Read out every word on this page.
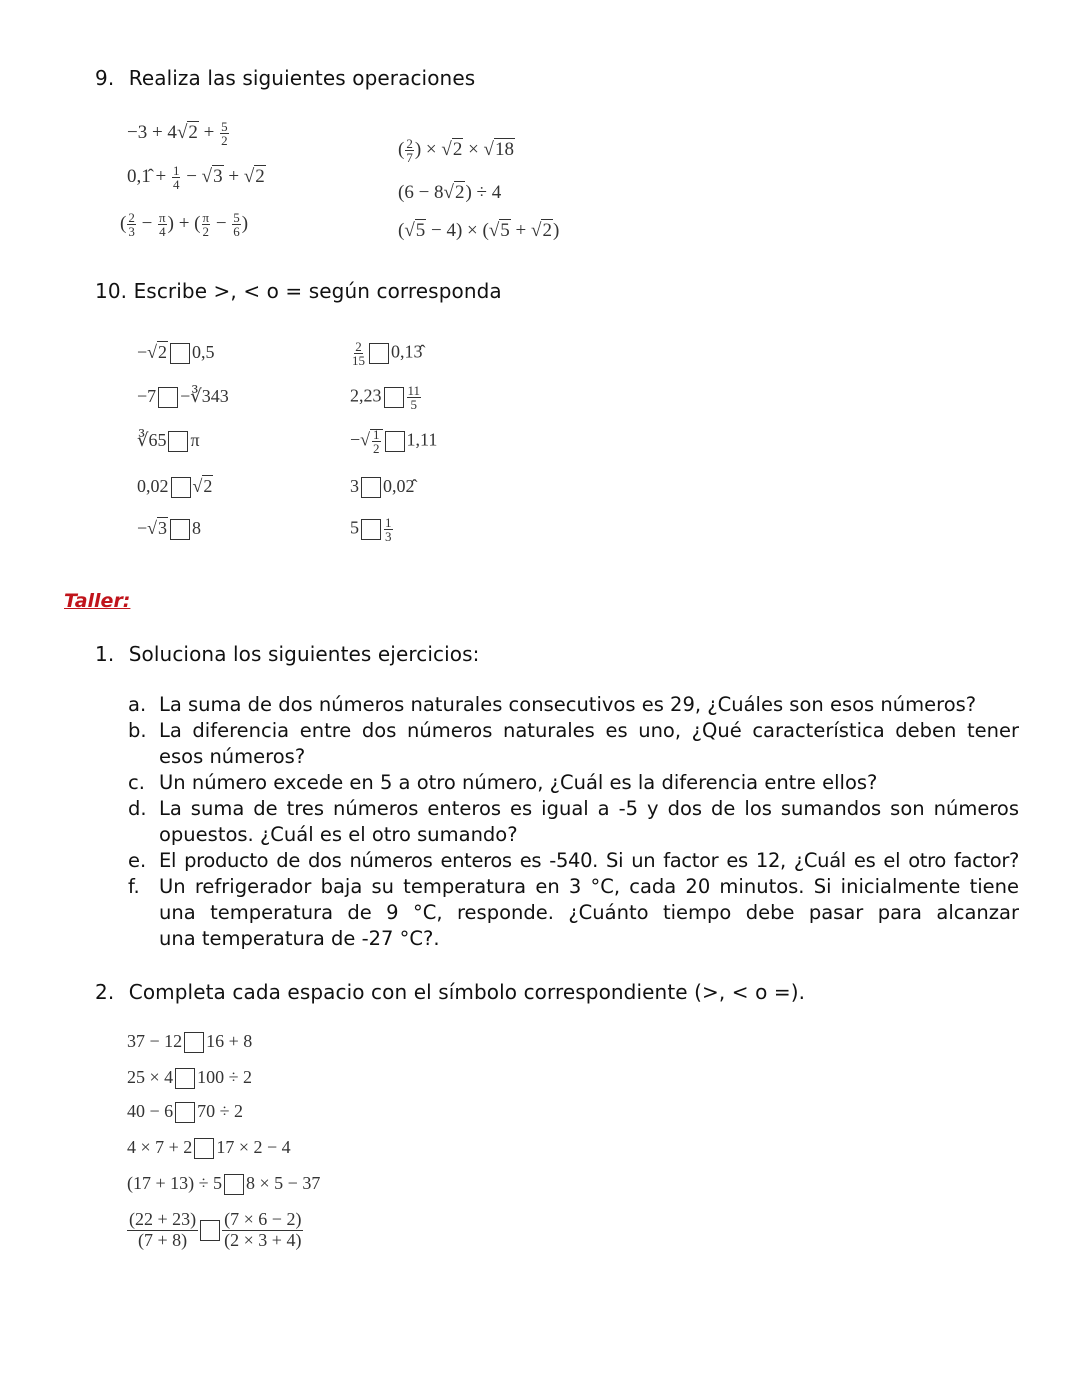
9. Realiza las siguientes operaciones
$-3 + 4√2 + \frac{5}{2}$
0,1̂ + $\frac{1}{4} - √3 + √2$
( $\frac{2}{3} - \frac{\pi}{4}$ ) + ( $\frac{\pi}{2} - \frac{5}{6}$ )
( $\frac{2}{7}$ ) × √2 × √18
(6 − 8√2) ÷ 4
(√5 − 4) × (√5 + √2)
10. Escribe >, < o = según corresponda
−√2 0,5
−7 −∛343
∛65 π
0,02 √2
−√3 8
$\frac{2}{15}$ 0,13̂
$2,23 \frac{11}{5}$
−√ $\frac{1}{2} 1,11$
3 0,02̂
$5 \frac{1}{3}$
Taller:
1. Soluciona los siguientes ejercicios:
a. La suma de dos números naturales consecutivos es 29, ¿Cuáles son esos números?
b. La diferencia entre dos números naturales es uno, ¿Qué característica deben tener
esos números?
c. Un número excede en 5 a otro número, ¿Cuál es la diferencia entre ellos?
d. La suma de tres números enteros es igual a -5 y dos de los sumandos son números
opuestos. ¿Cuál es el otro sumando?
e. El producto de dos números enteros es -540. Si un factor es 12, ¿Cuál es el otro factor?
f. Un refrigerador baja su temperatura en 3 °C, cada 20 minutos. Si inicialmente tiene
una temperatura de 9 °C, responde. ¿Cuánto tiempo debe pasar para alcanzar
una temperatura de -27 °C?.
2. Completa cada espacio con el símbolo correspondiente (>, < o =).
37 − 12 16 + 8
25 × 4 100 ÷ 2
40 − 6 70 ÷ 2
4 × 7 + 2 17 × 2 − 4
(17 + 13) ÷ 5 8 × 5 − 37
$\frac{(22 + 23)}{(7 + 8)} \frac{(7 \times 6 - 2)}{(2 \times 3 + 4)}$
